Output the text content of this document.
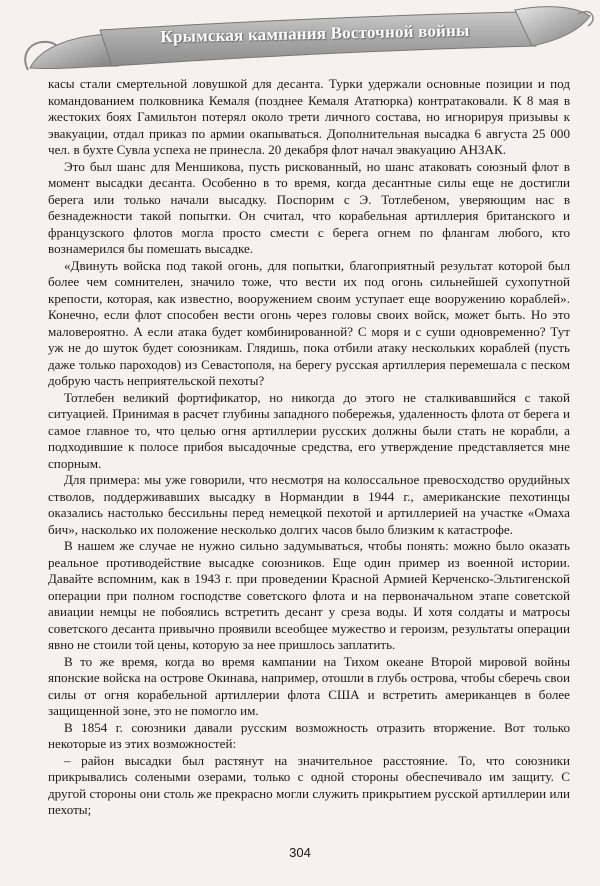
Крымская кампания Восточной войны

касы стали смертельной ловушкой для десанта. Турки удержали основные позиции и под командованием полковника Кемаля (позднее Кемаля Ататюрка) контратаковали. К 8 мая в жестоких боях Гамильтон потерял около трети личного состава, но игнорируя призывы к эвакуации, отдал приказ по армии окапываться. Дополнительная высадка 6 августа 25 000 чел. в бухте Сувла успеха не принесла. 20 декабря флот начал эвакуацию АНЗАК.

Это был шанс для Меншикова, пусть рискованный, но шанс атаковать союзный флот в момент высадки десанта. Особенно в то время, когда десантные силы еще не достигли берега или только начали высадку. Поспорим с Э. Тотлебеном, уверяющим нас в безнадежности такой попытки. Он считал, что корабельная артиллерия британского и французского флотов могла просто смести с берега огнем по флангам любого, кто вознамерился бы помешать высадке.

«Двинуть войска под такой огонь, для попытки, благоприятный результат которой был более чем сомнителен, значило тоже, что вести их под огонь сильнейшей сухопутной крепости, которая, как известно, вооружением своим уступает еще вооружению кораблей». Конечно, если флот способен вести огонь через головы своих войск, может быть. Но это маловероятно. А если атака будет комбинированной? С моря и с суши одновременно? Тут уж не до шуток будет союзникам. Глядишь, пока отбили атаку нескольких кораблей (пусть даже только пароходов) из Севастополя, на берегу русская артиллерия перемешала с песком добрую часть неприятельской пехоты?

Тотлебен великий фортификатор, но никогда до этого не сталкивавшийся с такой ситуацией. Принимая в расчет глубины западного побережья, удаленность флота от берега и самое главное то, что целью огня артиллерии русских должны были стать не корабли, а подходившие к полосе прибоя высадочные средства, его утверждение представляется мне спорным.

Для примера: мы уже говорили, что несмотря на колоссальное превосходство орудийных стволов, поддерживавших высадку в Нормандии в 1944 г., американские пехотинцы оказались настолько бессильны перед немецкой пехотой и артиллерией на участке «Омаха бич», насколько их положение несколько долгих часов было близким к катастрофе.

В нашем же случае не нужно сильно задумываться, чтобы понять: можно было оказать реальное противодействие высадке союзников. Еще один пример из военной истории. Давайте вспомним, как в 1943 г. при проведении Красной Армией Керченско-Эльтигенской операции при полном господстве советского флота и на первоначальном этапе советской авиации немцы не побоялись встретить десант у среза воды. И хотя солдаты и матросы советского десанта привычно проявили всеобщее мужество и героизм, результаты операции явно не стоили той цены, которую за нее пришлось заплатить.

В то же время, когда во время кампании на Тихом океане Второй мировой войны японские войска на острове Окинава, например, отошли в глубь острова, чтобы сберечь свои силы от огня корабельной артиллерии флота США и встретить американцев в более защищенной зоне, это не помогло им.

В 1854 г. союзники давали русским возможность отразить вторжение. Вот только некоторые из этих возможностей:

– район высадки был растянут на значительное расстояние. То, что союзники прикрывались солеными озерами, только с одной стороны обеспечивало им защиту. С другой стороны они столь же прекрасно могли служить прикрытием русской артиллерии или пехоты;

304
